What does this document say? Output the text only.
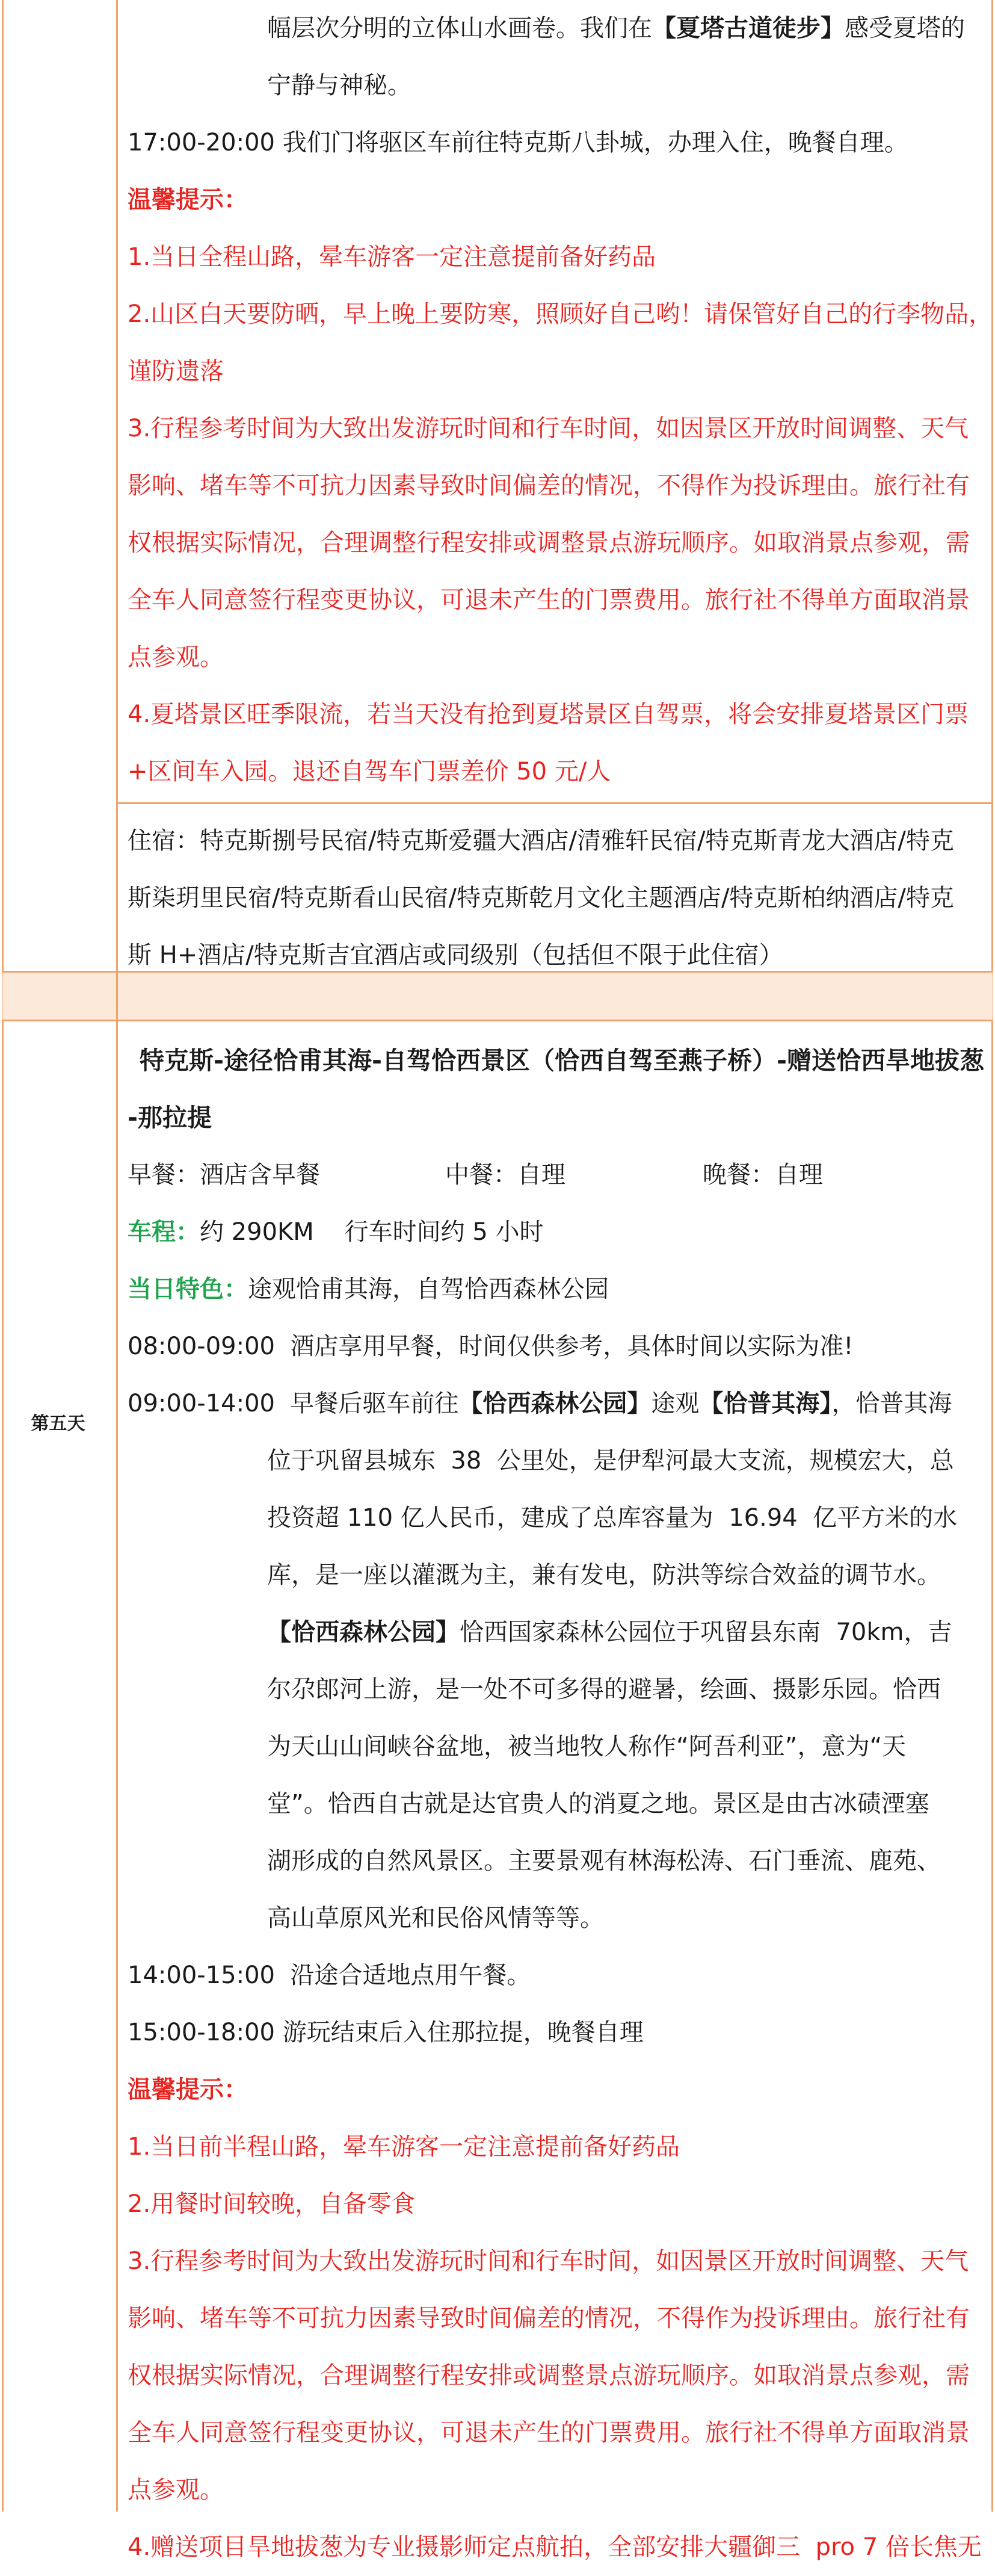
第五天
幅层次分明的立体山水画卷。我们在【夏塔古道徒步】感受夏塔的
宁静与神秘。
17:00-20:00 我们门将驱区车前往特克斯八卦城，办理入住，晚餐自理。
温馨提示：
1.当日全程山路，晕车游客一定注意提前备好药品
2.山区白天要防晒，早上晚上要防寒，照顾好自己哟！请保管好自己的行李物品，
谨防遗落
3.行程参考时间为大致出发游玩时间和行车时间，如因景区开放时间调整、天气
影响、堵车等不可抗力因素导致时间偏差的情况，不得作为投诉理由。旅行社有
权根据实际情况，合理调整行程安排或调整景点游玩顺序。如取消景点参观，需
全车人同意签行程变更协议，可退未产生的门票费用。旅行社不得单方面取消景
点参观。
4.夏塔景区旺季限流，若当天没有抢到夏塔景区自驾票，将会安排夏塔景区门票
+区间车入园。退还自驾车门票差价 50 元/人
住宿：特克斯捌号民宿/特克斯爱疆大酒店/清雅轩民宿/特克斯青龙大酒店/特克
斯柒玥里民宿/特克斯看山民宿/特克斯乾月文化主题酒店/特克斯柏纳酒店/特克
斯 H+酒店/特克斯吉宜酒店或同级别（包括但不限于此住宿）
特克斯-途径恰甫其海-自驾恰西景区（恰西自驾至燕子桥）-赠送恰西旱地拔葱
-那拉提
早餐：酒店含早餐	中餐：自理	晚餐：自理
车程：约 290KM    行车时间约 5 小时
当日特色：途观恰甫其海，自驾恰西森林公园
08:00-09:00  酒店享用早餐，时间仅供参考，具体时间以实际为准!
09:00-14:00  早餐后驱车前往【恰西森林公园】途观【恰普其海】，恰普其海
位于巩留县城东  38  公里处，是伊犁河最大支流，规模宏大，总
投资超 110 亿人民币，建成了总库容量为  16.94  亿平方米的水
库，是一座以灌溉为主，兼有发电，防洪等综合效益的调节水。
【恰西森林公园】恰西国家森林公园位于巩留县东南  70km，吉
尔尕郎河上游，是一处不可多得的避暑，绘画、摄影乐园。恰西
为天山山间峡谷盆地，被当地牧人称作“阿吾利亚”，意为“天
堂”。恰西自古就是达官贵人的消夏之地。景区是由古冰碛湮塞
湖形成的自然风景区。主要景观有林海松涛、石门垂流、鹿苑、
高山草原风光和民俗风情等等。
14:00-15:00  沿途合适地点用午餐。
15:00-18:00 游玩结束后入住那拉提，晚餐自理
温馨提示：
1.当日前半程山路，晕车游客一定注意提前备好药品
2.用餐时间较晚，自备零食
3.行程参考时间为大致出发游玩时间和行车时间，如因景区开放时间调整、天气
影响、堵车等不可抗力因素导致时间偏差的情况，不得作为投诉理由。旅行社有
权根据实际情况，合理调整行程安排或调整景点游玩顺序。如取消景点参观，需
全车人同意签行程变更协议，可退未产生的门票费用。旅行社不得单方面取消景
点参观。
4.赠送项目旱地拔葱为专业摄影师定点航拍，全部安排大疆御三  pro 7 倍长焦无
